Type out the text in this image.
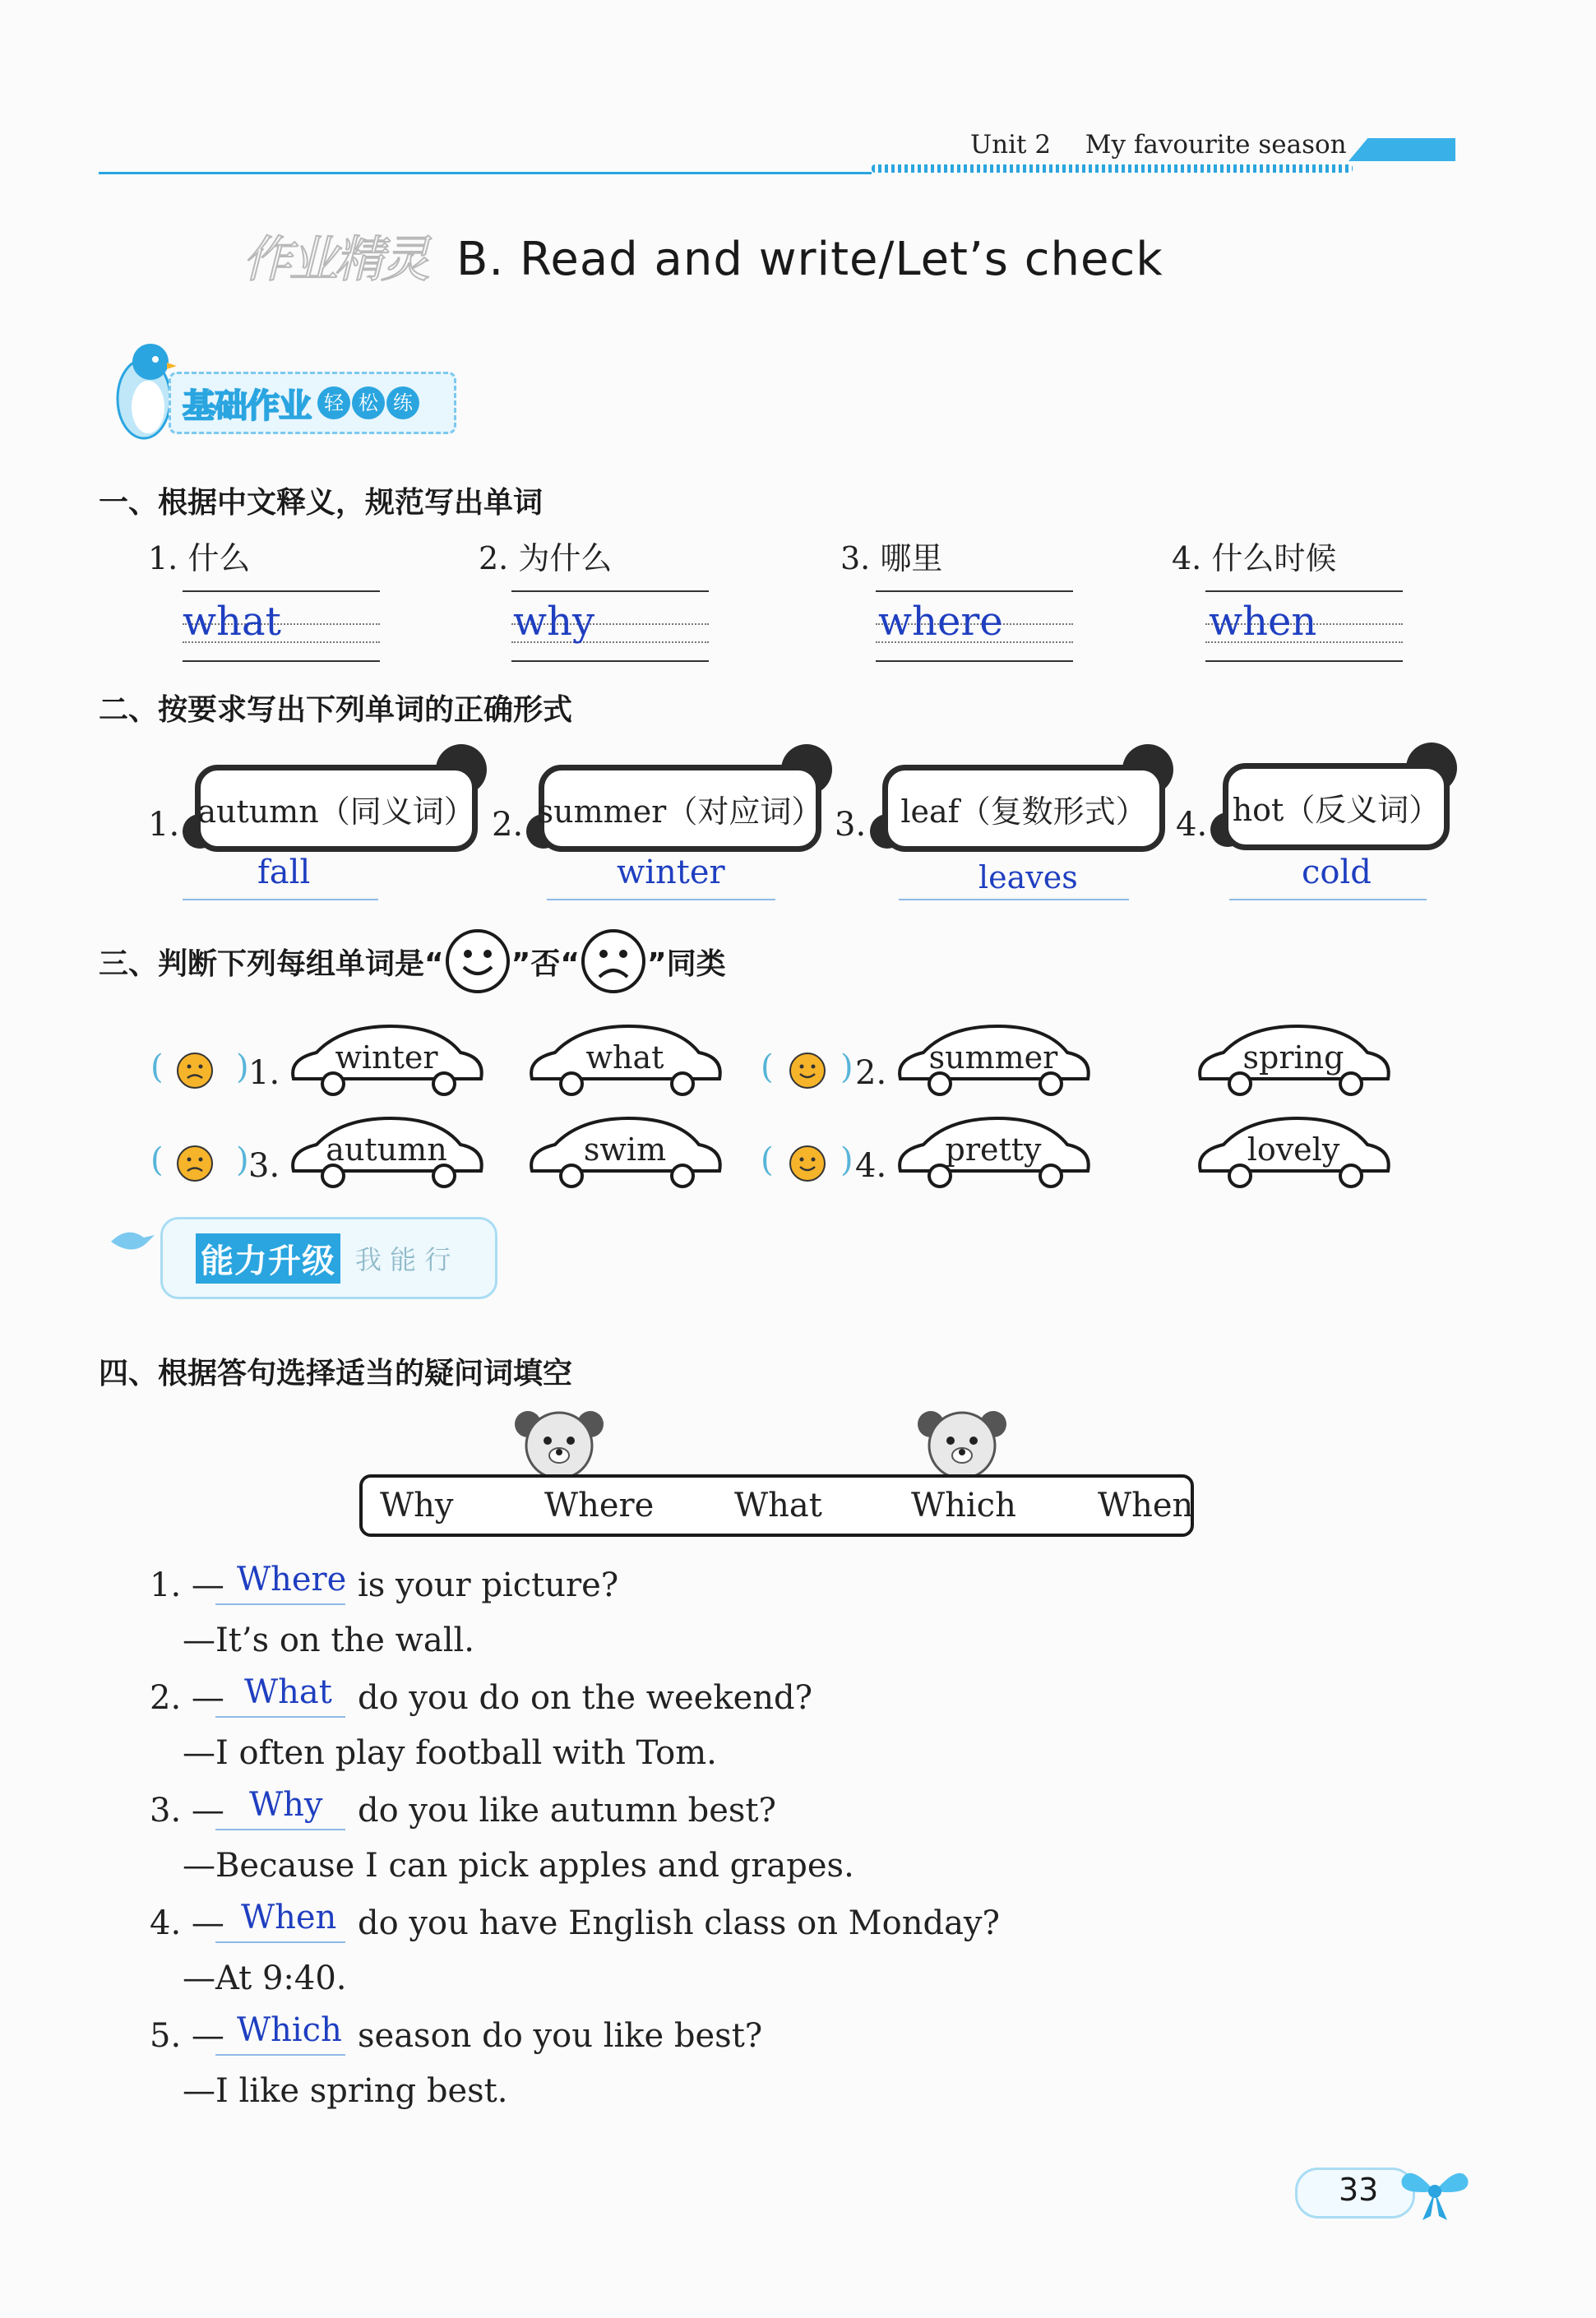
Unit 2 My favourite season
作业精灵 B. Read and write/Let’s check
基础作业 轻 松 练
一、根据中文释义，规范写出单词
1. 什么
what
2. 为什么
why
3. 哪里
where
4. 什么时候
when
二、按要求写出下列单词的正确形式
1. autumn（同义词）
fall
2. summer（对应词）
winter
3. leaf（复数形式）
leaves
4. hot（反义词）
cold
三、判断下列每组单词是“ ”否“ ”同类
( ) 1.	winter	what	( ) 2.	summer	spring
( ) 3.	autumn	swim	( ) 4.	pretty	lovely
能力升级 我 能 行
四、根据答句选择适当的疑问词填空
Why	Where What	Which When
1. — Where is your picture?
—It’s on the wall.
2. — What do you do on the weekend?
—I often play football with Tom.
3. — Why do you like autumn best?
—Because I can pick apples and grapes.
4. — When do you have English class on Monday?
—At 9:40.
5. — Which season do you like best?
—I like spring best.
33
